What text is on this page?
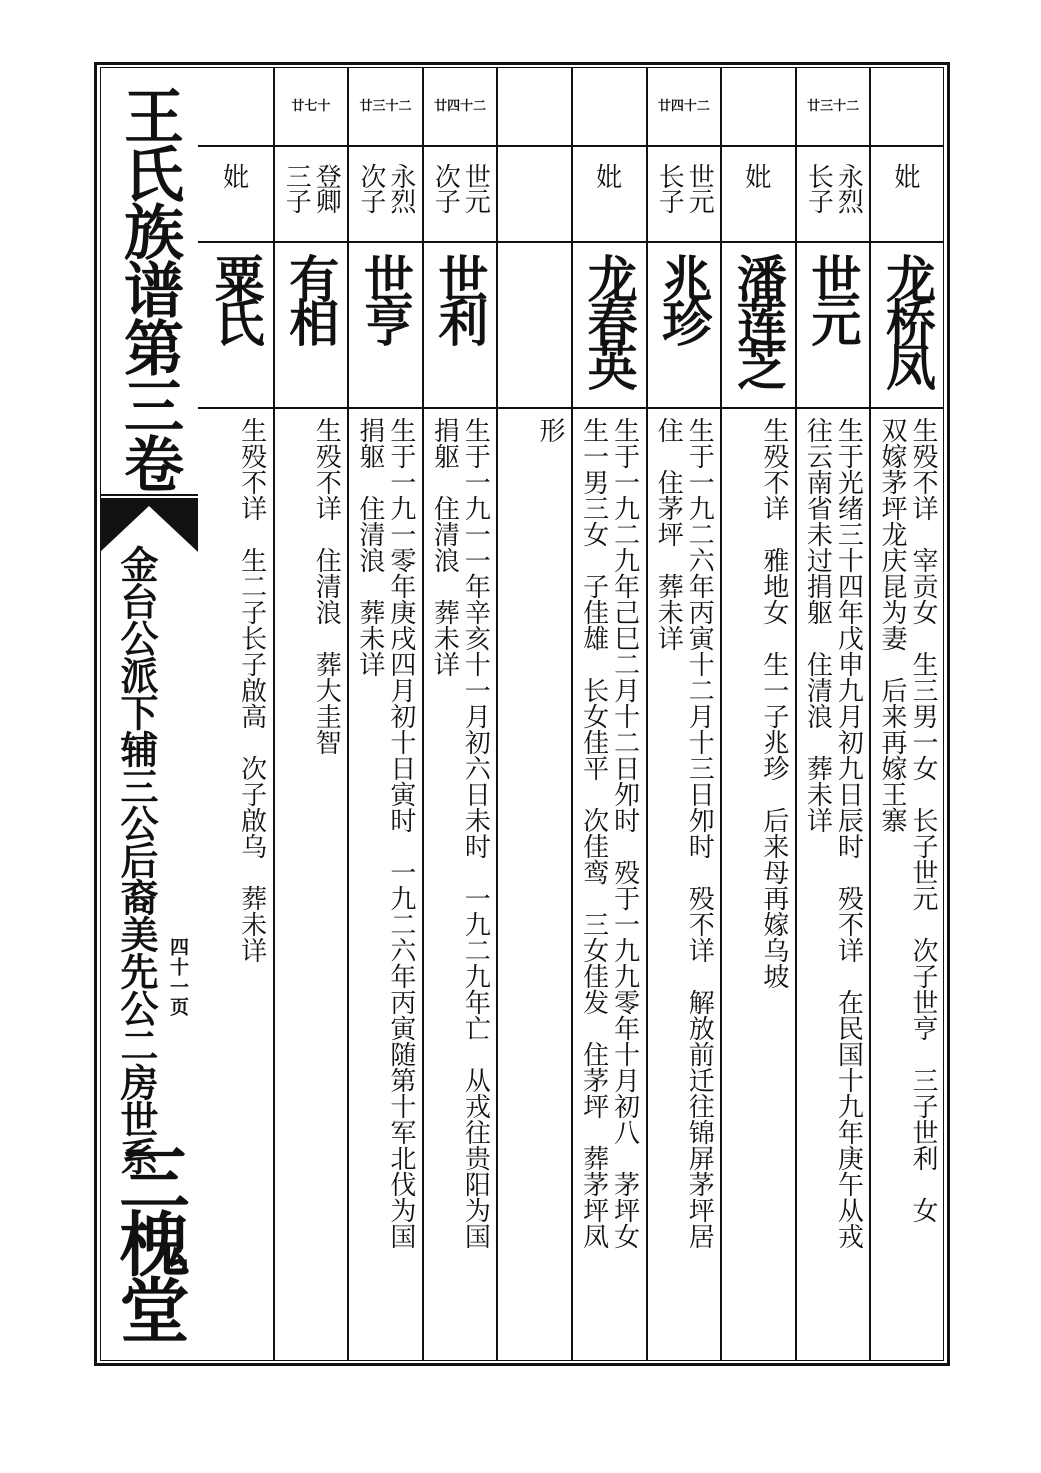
王氏族谱第三卷
金台公派下辅三公后裔美先公二房世系 四十一页
三槐堂
妣
龙桥凤
生殁不详　宰贡女　生三男一女　长子世元　次子世亨　三子世利　女
双嫁茅坪龙庆昆为妻　后来再嫁王寨
廿三十二
永烈
长子
世元
生于光绪三十四年戊申九月初九日辰时　殁不详　在民国十九年庚午从戎
往云南省未过捐躯　住清浪　葬未详
妣
潘莲芝
生殁不详　雅地女　生一子兆珍　后来母再嫁乌坡
廿四十二
世元
长子
兆珍
生于一九二六年丙寅十二月十三日夘时　殁不详　解放前迁往锦屏茅坪居
住　住茅坪　葬未详
妣
龙春英
生于一九二九年己巳二月十二日夘时　殁于一九九零年十月初八　茅坪女
生一男三女　子佳雄　长女佳平　次佳鸾　三女佳发　住茅坪　葬茅坪凤
形
廿四十二
世元
次子
世利
生于一九一一年辛亥十一月初六日未时　一九二九年亡　从戎往贵阳为国
捐躯　住清浪　葬未详
廿三十二
永烈
次子
世亨
生于一九一零年庚戌四月初十日寅时　一九二六年丙寅随第十军北伐为国
捐躯　住清浪　葬未详
廿七十
登卿
三子
有相
生殁不详　住清浪　葬大圭智
妣
粟氏
生殁不详　生二子长子啟高　次子啟乌　葬未详
